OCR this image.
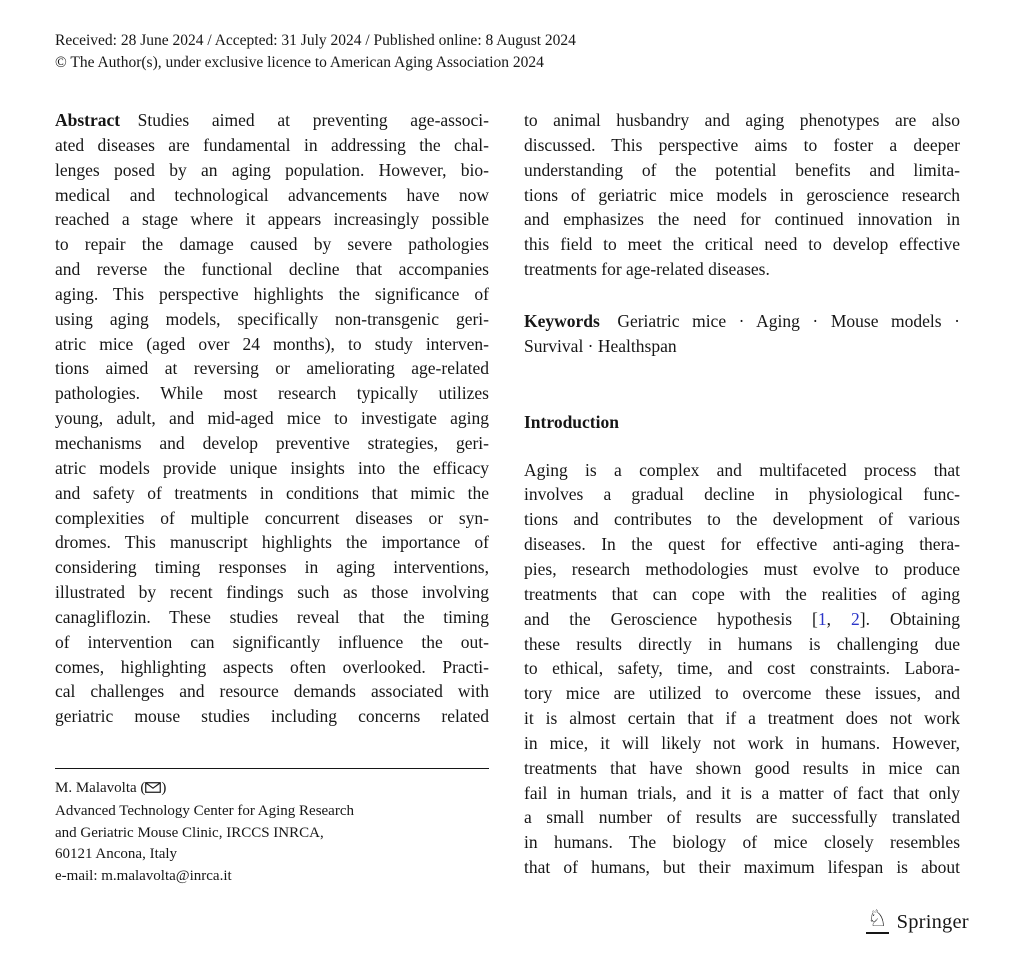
Received: 28 June 2024 / Accepted: 31 July 2024 / Published online: 8 August 2024
© The Author(s), under exclusive licence to American Aging Association 2024
Abstract  Studies aimed at preventing age-associ-
ated diseases are fundamental in addressing the chal-
lenges posed by an aging population. However, bio-
medical and technological advancements have now
reached a stage where it appears increasingly possible
to repair the damage caused by severe pathologies
and reverse the functional decline that accompanies
aging. This perspective highlights the significance of
using aging models, specifically non-transgenic geri-
atric mice (aged over 24 months), to study interven-
tions aimed at reversing or ameliorating age-related
pathologies. While most research typically utilizes
young, adult, and mid-aged mice to investigate aging
mechanisms and develop preventive strategies, geri-
atric models provide unique insights into the efficacy
and safety of treatments in conditions that mimic the
complexities of multiple concurrent diseases or syn-
dromes. This manuscript highlights the importance of
considering timing responses in aging interventions,
illustrated by recent findings such as those involving
canagliflozin. These studies reveal that the timing
of intervention can significantly influence the out-
comes, highlighting aspects often overlooked. Practi-
cal challenges and resource demands associated with
geriatric mouse studies including concerns related
to animal husbandry and aging phenotypes are also
discussed. This perspective aims to foster a deeper
understanding of the potential benefits and limita-
tions of geriatric mice models in geroscience research
and emphasizes the need for continued innovation in
this field to meet the critical need to develop effective
treatments for age-related diseases.
Keywords  Geriatric mice · Aging · Mouse models ·
Survival · Healthspan
Introduction
Aging is a complex and multifaceted process that
involves a gradual decline in physiological func-
tions and contributes to the development of various
diseases. In the quest for effective anti-aging thera-
pies, research methodologies must evolve to produce
treatments that can cope with the realities of aging
and the Geroscience hypothesis [1, 2]. Obtaining
these results directly in humans is challenging due
to ethical, safety, time, and cost constraints. Labora-
tory mice are utilized to overcome these issues, and
it is almost certain that if a treatment does not work
in mice, it will likely not work in humans. However,
treatments that have shown good results in mice can
fail in human trials, and it is a matter of fact that only
a small number of results are successfully translated
in humans. The biology of mice closely resembles
that of humans, but their maximum lifespan is about
M. Malavolta ( )
Advanced Technology Center for Aging Research
and Geriatric Mouse Clinic, IRCCS INRCA,
60121 Ancona, Italy
e-mail: m.malavolta@inrca.it
♘ Springer
